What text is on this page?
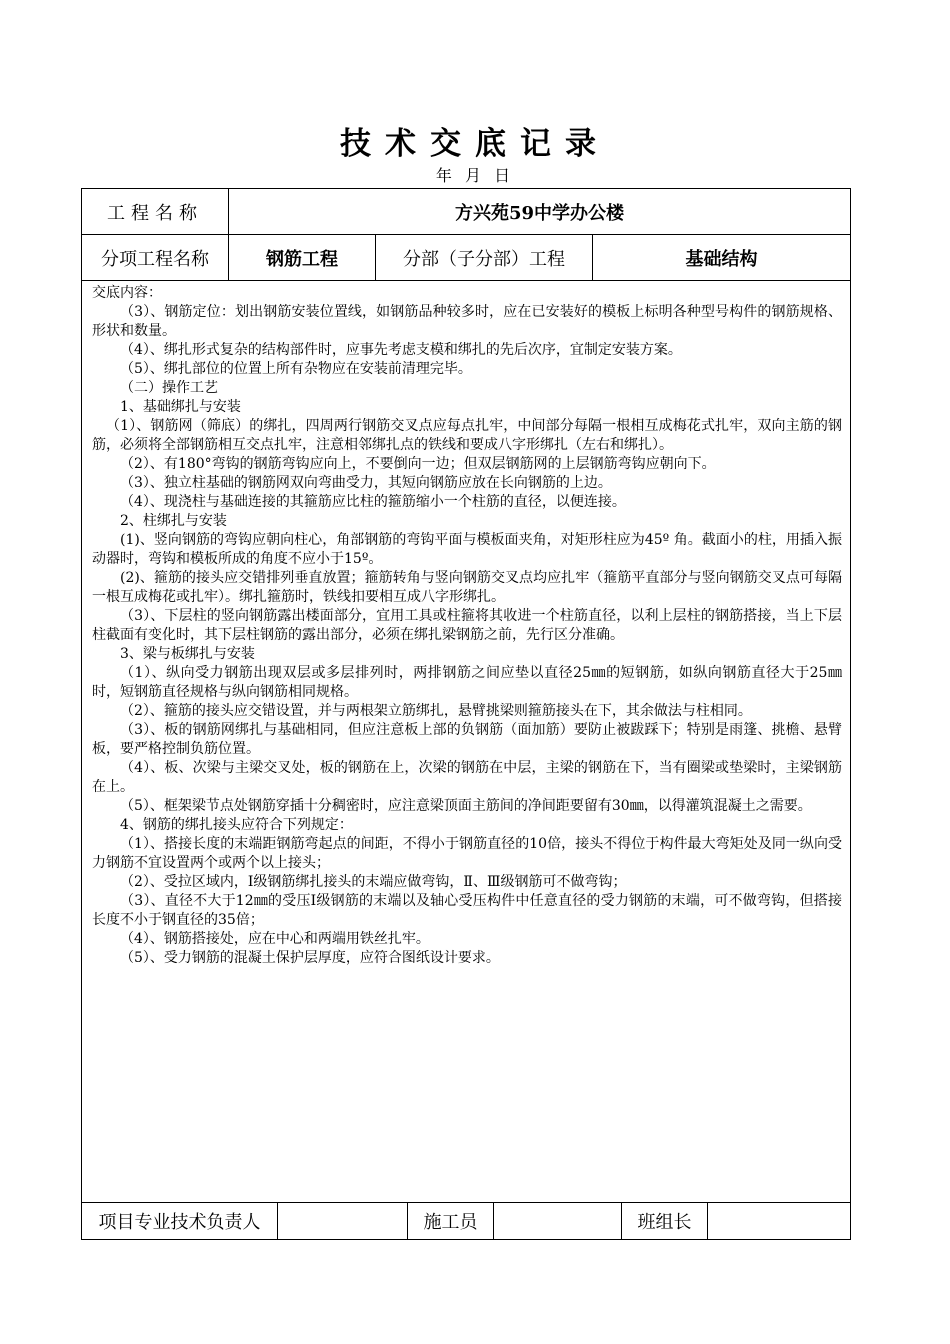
技术交底记录
年 月 日
工程名称	方兴苑59中学办公楼
分项工程名称	钢筋工程	分部（子分部）工程	基础结构

交底内容：

（3）、钢筋定位：划出钢筋安装位置线，如钢筋品种较多时，应在已安装好的模板上标明各种型号构件的钢筋规格、形状和数量。

（4）、绑扎形式复杂的结构部件时，应事先考虑支模和绑扎的先后次序，宜制定安装方案。

（5）、绑扎部位的位置上所有杂物应在安装前清理完毕。

（二）操作工艺

1、基础绑扎与安装

（1）、钢筋网（筛底）的绑扎，四周两行钢筋交叉点应每点扎牢，中间部分每隔一根相互成梅花式扎牢，双向主筋的钢筋，必须将全部钢筋相互交点扎牢，注意相邻绑扎点的铁线和要成八字形绑扎（左右和绑扎）。

（2）、有180°弯钩的钢筋弯钩应向上，不要倒向一边；但双层钢筋网的上层钢筋弯钩应朝向下。

（3）、独立柱基础的钢筋网双向弯曲受力，其短向钢筋应放在长向钢筋的上边。

（4）、现浇柱与基础连接的其箍筋应比柱的箍筋缩小一个柱筋的直径，以便连接。

2、柱绑扎与安装

(1)、竖向钢筋的弯钩应朝向柱心，角部钢筋的弯钩平面与模板面夹角，对矩形柱应为45º 角。截面小的柱，用插入振动器时，弯钩和模板所成的角度不应小于15º。

(2)、箍筋的接头应交错排列垂直放置；箍筋转角与竖向钢筋交叉点均应扎牢（箍筋平直部分与竖向钢筋交叉点可每隔一根互成梅花或扎牢）。绑扎箍筋时，铁线扣要相互成八字形绑扎。

（3）、下层柱的竖向钢筋露出楼面部分，宜用工具或柱箍将其收进一个柱筋直径，以利上层柱的钢筋搭接，当上下层柱截面有变化时，其下层柱钢筋的露出部分，必须在绑扎梁钢筋之前，先行区分准确。

3、梁与板绑扎与安装

（1）、纵向受力钢筋出现双层或多层排列时，两排钢筋之间应垫以直径25㎜的短钢筋，如纵向钢筋直径大于25㎜时，短钢筋直径规格与纵向钢筋相同规格。

（2）、箍筋的接头应交错设置，并与两根架立筋绑扎，悬臂挑梁则箍筋接头在下，其余做法与柱相同。

（3）、板的钢筋网绑扎与基础相同，但应注意板上部的负钢筋（面加筋）要防止被跋踩下；特别是雨篷、挑檐、悬臂板，要严格控制负筋位置。

（4）、板、次梁与主梁交叉处，板的钢筋在上，次梁的钢筋在中层，主梁的钢筋在下，当有圈梁或垫梁时，主梁钢筋在上。

（5）、框架梁节点处钢筋穿插十分稠密时，应注意梁顶面主筋间的净间距要留有30㎜，以得灌筑混凝土之需要。

4、钢筋的绑扎接头应符合下列规定：

（1）、搭接长度的末端距钢筋弯起点的间距，不得小于钢筋直径的10倍，接头不得位于构件最大弯矩处及同一纵向受力钢筋不宜设置两个或两个以上接头；

（2）、受拉区域内，Ⅰ级钢筋绑扎接头的末端应做弯钩，Ⅱ、Ⅲ级钢筋可不做弯钩；

（3）、直径不大于12㎜的受压Ⅰ级钢筋的末端以及轴心受压构件中任意直径的受力钢筋的末端，可不做弯钩，但搭接长度不小于钢直径的35倍；

（4）、钢筋搭接处，应在中心和两端用铁丝扎牢。

（5）、受力钢筋的混凝土保护层厚度，应符合图纸设计要求。

项目专业技术负责人	施工员	班组长
